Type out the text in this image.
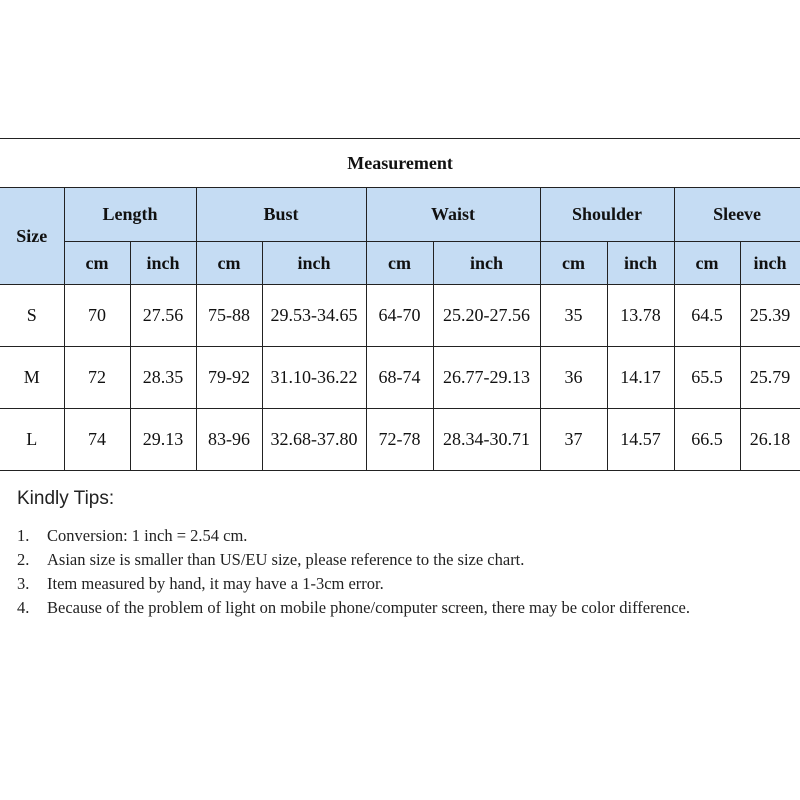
Measurement										
Size	Length		Bust		Waist		Shoulder		Sleeve	
	cm	inch	cm	inch	cm	inch	cm	inch	cm	inch
S	70	27.56	75-88	29.53-34.65	64-70	25.20-27.56	35	13.78	64.5	25.39
M	72	28.35	79-92	31.10-36.22	68-74	26.77-29.13	36	14.17	65.5	25.79
L	74	29.13	83-96	32.68-37.80	72-78	28.34-30.71	37	14.57	66.5	26.18
Kindly Tips:
1.	Conversion: 1 inch = 2.54 cm.
2.	Asian size is smaller than US/EU size, please reference to the size chart.
3.	Item measured by hand, it may have a 1-3cm error.
4.	Because of the problem of light on mobile phone/computer screen, there may be color difference.
